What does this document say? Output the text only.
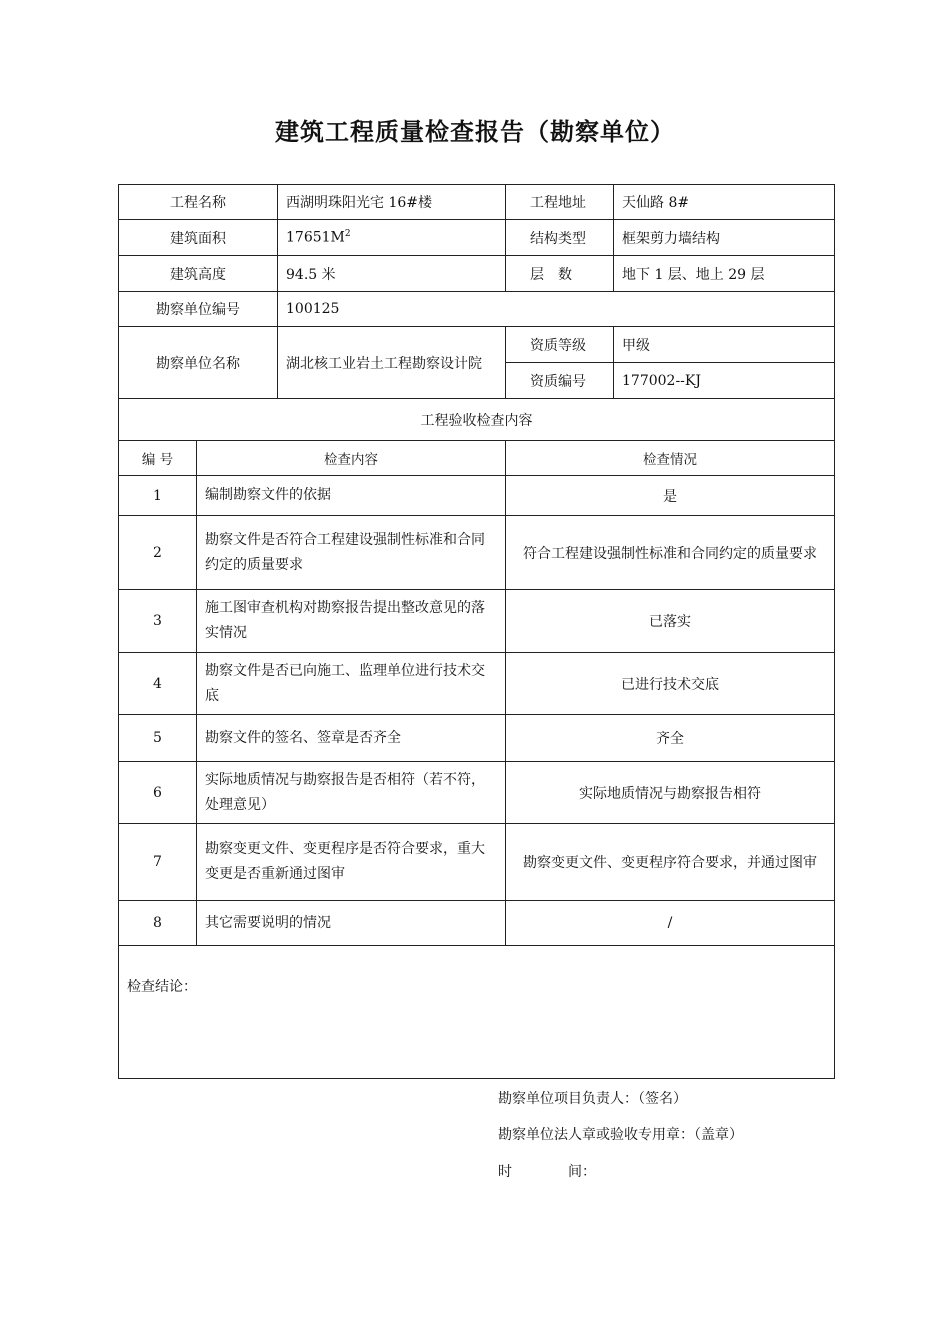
建筑工程质量检查报告（勘察单位）
工程名称		西湖明珠阳光宅 16#楼	工程地址	天仙路 8#
建筑面积		$17651M^2$	结构类型	框架剪力墙结构
建筑高度		94.5 米	层　数	地下 1 层、地上 29 层
勘察单位编号		100125		
勘察单位名称		湖北核工业岩土工程勘察设计院	资质等级	甲级
			资质编号	177002--KJ
工程验收检查内容				
编 号	检查内容		检查情况	
1	编制勘察文件的依据		是	
2	勘察文件是否符合工程建设强制性标准和合同约定的质量要求		符合工程建设强制性标准和合同约定的质量要求	
3	施工图审查机构对勘察报告提出整改意见的落实情况		已落实	
4	勘察文件是否已向施工、监理单位进行技术交底		已进行技术交底	
5	勘察文件的签名、签章是否齐全		齐全	
6	实际地质情况与勘察报告是否相符（若不符，处理意见）		实际地质情况与勘察报告相符	
7	勘察变更文件、变更程序是否符合要求，重大变更是否重新通过图审		勘察变更文件、变更程序符合要求，并通过图审	
8	其它需要说明的情况		/	
检查结论：				
勘察单位项目负责人：（签名）
勘察单位法人章或验收专用章：（盖章）
时　　　　间：
